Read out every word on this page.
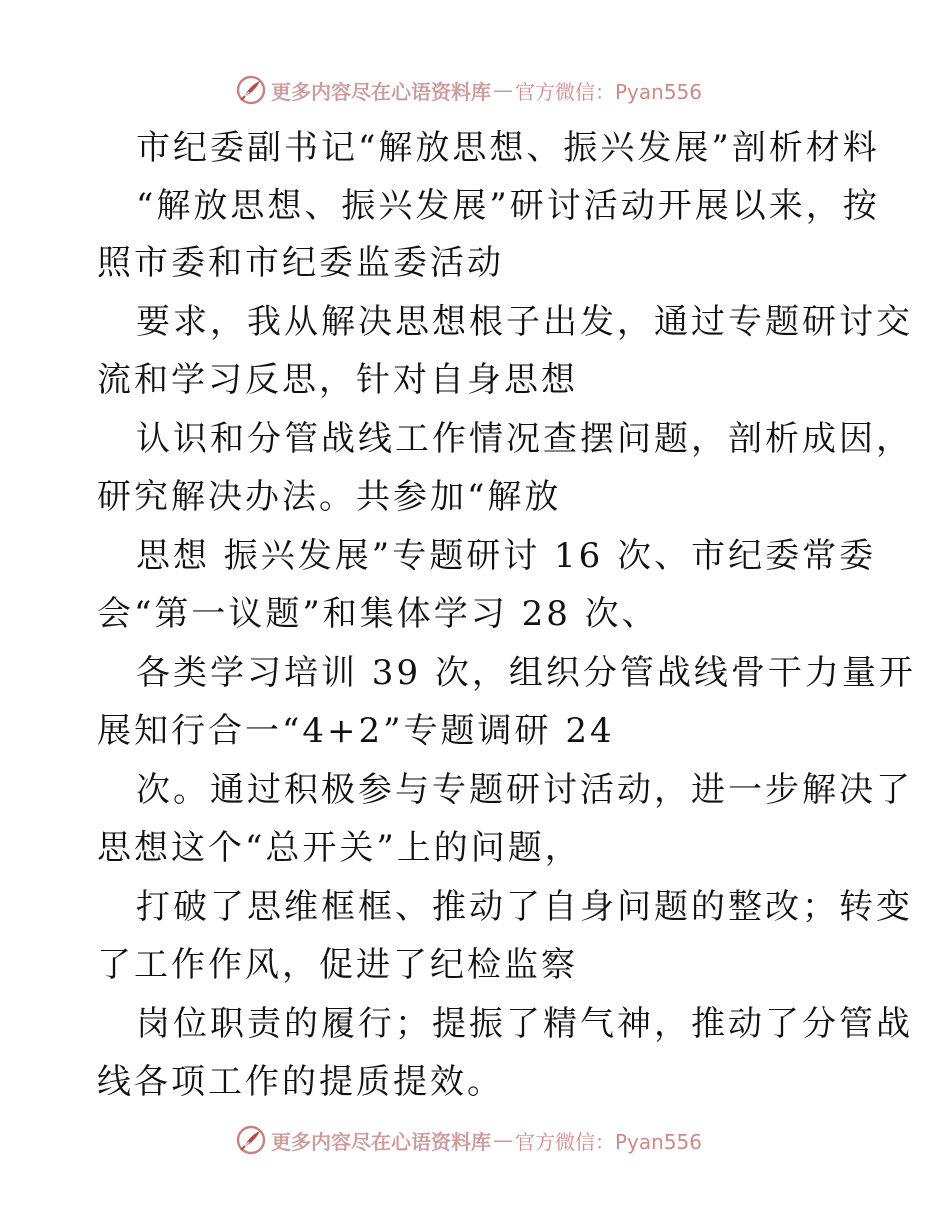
更多内容尽在心语资料库 — 官方微信：Pyan556
市纪委副书记“解放思想、振兴发展”剖析材料
“解放思想、振兴发展”研讨活动开展以来，按
照市委和市纪委监委活动
要求，我从解决思想根子出发，通过专题研讨交
流和学习反思，针对自身思想
认识和分管战线工作情况查摆问题，剖析成因，
研究解决办法。共参加“解放
思想 振兴发展”专题研讨 16 次、市纪委常委
会“第一议题”和集体学习 28 次、
各类学习培训 39 次，组织分管战线骨干力量开
展知行合一“4+2”专题调研 24
次。通过积极参与专题研讨活动，进一步解决了
思想这个“总开关”上的问题，
打破了思维框框、推动了自身问题的整改；转变
了工作作风，促进了纪检监察
岗位职责的履行；提振了精气神，推动了分管战
线各项工作的提质提效。
更多内容尽在心语资料库 — 官方微信：Pyan556
